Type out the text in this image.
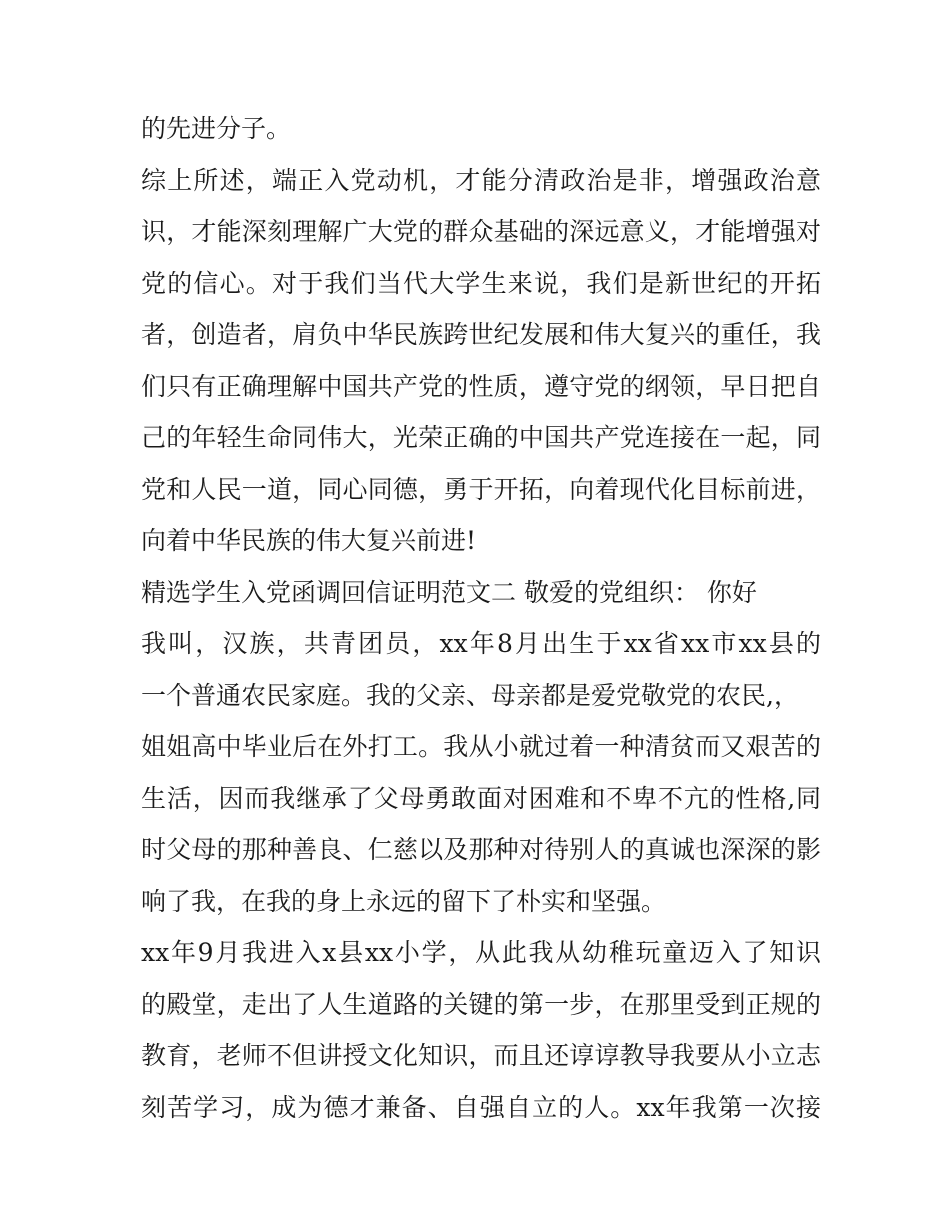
的先进分子。
综上所述，端正入党动机，才能分清政治是非，增强政治意
识，才能深刻理解广大党的群众基础的深远意义，才能增强对
党的信心。对于我们当代大学生来说，我们是新世纪的开拓
者，创造者，肩负中华民族跨世纪发展和伟大复兴的重任，我
们只有正确理解中国共产党的性质，遵守党的纲领，早日把自
己的年轻生命同伟大，光荣正确的中国共产党连接在一起，同
党和人民一道，同心同德，勇于开拓，向着现代化目标前进，
向着中华民族的伟大复兴前进!
精选学生入党函调回信证明范文二 敬爱的党组织： 你好
我叫，汉族，共青团员，xx年8月出生于xx省xx市xx县的
一个普通农民家庭。我的父亲、母亲都是爱党敬党的农民,，
姐姐高中毕业后在外打工。我从小就过着一种清贫而又艰苦的
生活，因而我继承了父母勇敢面对困难和不卑不亢的性格,同
时父母的那种善良、仁慈以及那种对待别人的真诚也深深的影
响了我，在我的身上永远的留下了朴实和坚强。
xx年9月我进入x县xx小学，从此我从幼稚玩童迈入了知识
的殿堂，走出了人生道路的关键的第一步，在那里受到正规的
教育，老师不但讲授文化知识，而且还谆谆教导我要从小立志
刻苦学习，成为德才兼备、自强自立的人。xx年我第一次接
